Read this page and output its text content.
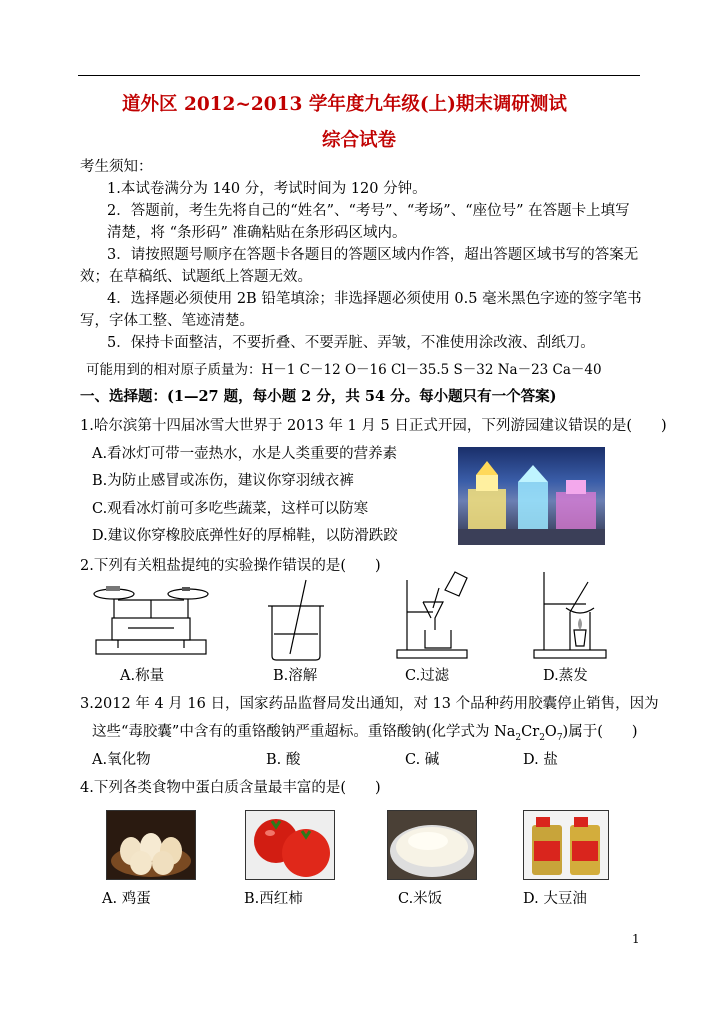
道外区 2012~2013 学年度九年级(上)期末调研测试
综合试卷
考生须知：
1.本试卷满分为 140 分，考试时间为 120 分钟。
2．答题前，考生先将自己的“姓名”、“考号”、“考场”、“座位号” 在答题卡上填写
清楚，将 “条形码” 准确粘贴在条形码区域内。
3．请按照题号顺序在答题卡各题目的答题区域内作答，超出答题区域书写的答案无
效；在草稿纸、试题纸上答题无效。
4．选择题必须使用 2B 铅笔填涂；非选择题必须使用 0.5 毫米黑色字迹的签字笔书
写，字体工整、笔迹清楚。
5．保持卡面整洁，不要折叠、不要弄脏、弄皱，不准使用涂改液、刮纸刀。
可能用到的相对原子质量为：H－1 C－12 O－16 Cl－35.5 S－32 Na－23 Ca－40
一、选择题：(1—27 题，每小题 2 分，共 54 分。每小题只有一个答案)
1.哈尔滨第十四届冰雪大世界于 2013 年 1 月 5 日正式开园，下列游园建议错误的是(　　)
A.看冰灯可带一壶热水，水是人类重要的营养素
B.为防止感冒或冻伤，建议你穿羽绒衣裤
C.观看冰灯前可多吃些蔬菜，这样可以防寒
D.建议你穿橡胶底弹性好的厚棉鞋，以防滑跌跤
2.下列有关粗盐提纯的实验操作错误的是(　　)
A.称量	B.溶解	C.过滤	D.蒸发
3.2012 年 4 月 16 日，国家药品监督局发出通知，对 13 个品种药用胶囊停止销售，因为
这些“毒胶囊”中含有的重铬酸钠严重超标。重铬酸钠(化学式为 $Na_2Cr_2O_7$)属于(　　)
A.氧化物	B. 酸	C. 碱	D. 盐
4.下列各类食物中蛋白质含量最丰富的是(　　)
A. 鸡蛋	B.西红柿	C.米饭	D. 大豆油
1
